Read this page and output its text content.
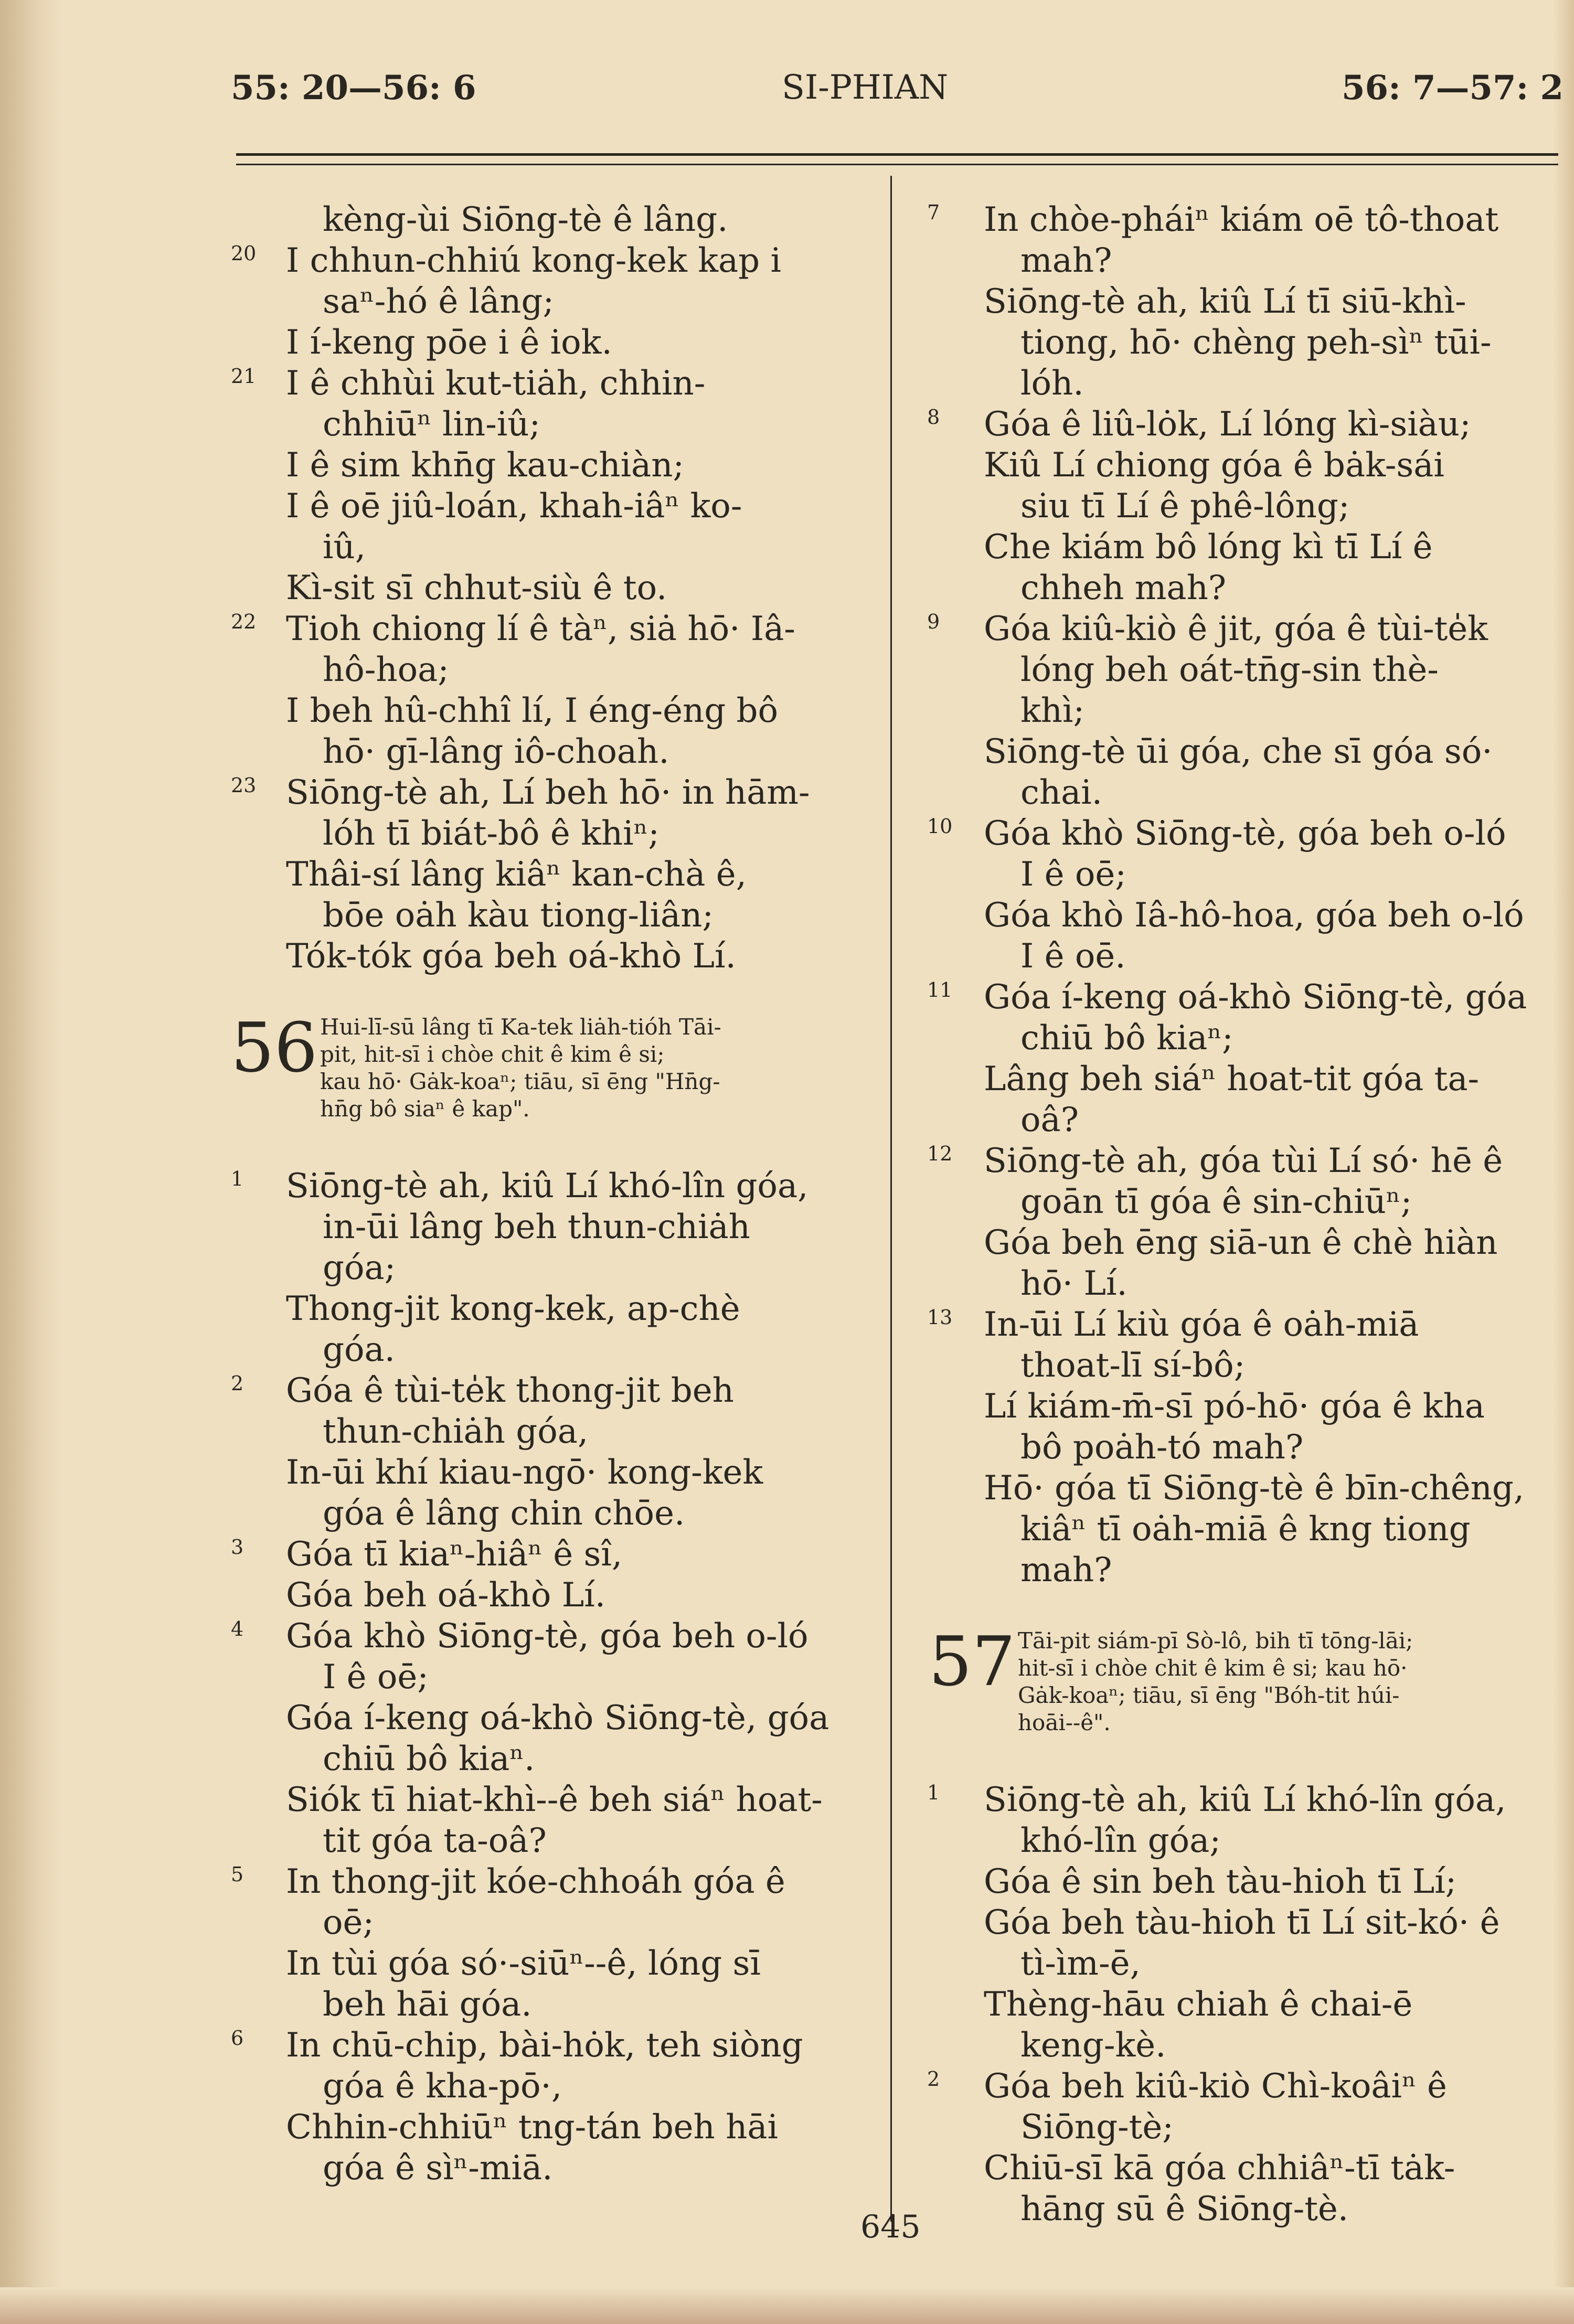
55: 20—56: 6	SI-PHIAN	56: 7—57: 2
kèng-ùi Siōng-tè ê lâng.
20 I chhun-chhiú kong-kek kap i
saⁿ-hó ê lâng;
I í-keng pōe i ê iok.
21 I ê chhùi kut-tiȧh, chhin-
chhiūⁿ lin-iû;
I ê sim khn̄g kau-chiàn;
I ê oē jiû-loán, khah-iâⁿ ko-
iû,
Kì-sit sī chhut-siù ê to.
22 Tioh chiong lí ê tàⁿ, siȧ hō· Iâ-
hô-hoa;
I beh hû-chhî lí, I éng-éng bô
hō· gī-lâng iô-choah.
23 Siōng-tè ah, Lí beh hō· in hām-
lóh tī biát-bô ê khiⁿ;
Thâi-sí lâng kiâⁿ kan-chà ê,
bōe oȧh kàu tiong-liân;
Tók-tók góa beh oá-khò Lí.
56 Hui-lī-sū lâng tī Ka-tek liȧh-tióh Tāi-
pit, hit-sī i chòe chit ê kim ê si;
kau hō· Gȧk-koaⁿ; tiāu, sī ēng "Hn̄g-
hn̄g bô siaⁿ ê kap".
1 Siōng-tè ah, kiû Lí khó-lîn góa,
in-ūi lâng beh thun-chiȧh
góa;
Thong-jit kong-kek, ap-chè
góa.
2 Góa ê tùi-te̍k thong-jit beh
thun-chiȧh góa,
In-ūi khí kiau-ngō· kong-kek
góa ê lâng chin chōe.
3 Góa tī kiaⁿ-hiâⁿ ê sî,
Góa beh oá-khò Lí.
4 Góa khò Siōng-tè, góa beh o-ló
I ê oē;
Góa í-keng oá-khò Siōng-tè, góa
chiū bô kiaⁿ.
Siók tī hiat-khì--ê beh siáⁿ hoat-
tit góa ta-oâ?
5 In thong-jit kóe-chhoáh góa ê
oē;
In tùi góa só·-siūⁿ--ê, lóng sī
beh hāi góa.
6 In chū-chip, bài-hȯk, teh siòng
góa ê kha-pō·,
Chhin-chhiūⁿ tng-tán beh hāi
góa ê sìⁿ-miā.
7 In chòe-pháiⁿ kiám oē tô-thoat
mah?
Siōng-tè ah, kiû Lí tī siū-khì-
tiong, hō· chèng peh-sìⁿ tūi-
lóh.
8 Góa ê liû-lȯk, Lí lóng kì-siàu;
Kiû Lí chiong góa ê bȧk-sái
siu tī Lí ê phê-lông;
Che kiám bô lóng kì tī Lí ê
chheh mah?
9 Góa kiû-kiò ê jit, góa ê tùi-te̍k
lóng beh oát-tn̄g-sin thè-
khì;
Siōng-tè ūi góa, che sī góa só·
chai.
10 Góa khò Siōng-tè, góa beh o-ló
I ê oē;
Góa khò Iâ-hô-hoa, góa beh o-ló
I ê oē.
11 Góa í-keng oá-khò Siōng-tè, góa
chiū bô kiaⁿ;
Lâng beh siáⁿ hoat-tit góa ta-
oâ?
12 Siōng-tè ah, góa tùi Lí só· hē ê
goān tī góa ê sin-chiūⁿ;
Góa beh ēng siā-un ê chè hiàn
hō· Lí.
13 In-ūi Lí kiù góa ê oȧh-miā
thoat-lī sí-bô;
Lí kiám-m̄-sī pó-hō· góa ê kha
bô poȧh-tó mah?
Hō· góa tī Siōng-tè ê bīn-chêng,
kiâⁿ tī oȧh-miā ê kng tiong
mah?
57 Tāi-pit siám-pī Sò-lô, bih tī tōng-lāi;
hit-sī i chòe chit ê kim ê si; kau hō·
Gȧk-koaⁿ; tiāu, sī ēng "Bóh-tit húi-
hoāi--ê".
1 Siōng-tè ah, kiû Lí khó-lîn góa,
khó-lîn góa;
Góa ê sin beh tàu-hioh tī Lí;
Góa beh tàu-hioh tī Lí sit-kó· ê
tì-ìm-ē,
Thèng-hāu chiah ê chai-ē
keng-kè.
2 Góa beh kiû-kiò Chì-koâiⁿ ê
Siōng-tè;
Chiū-sī kā góa chhiâⁿ-tī tȧk-
hāng sū ê Siōng-tè.
645
